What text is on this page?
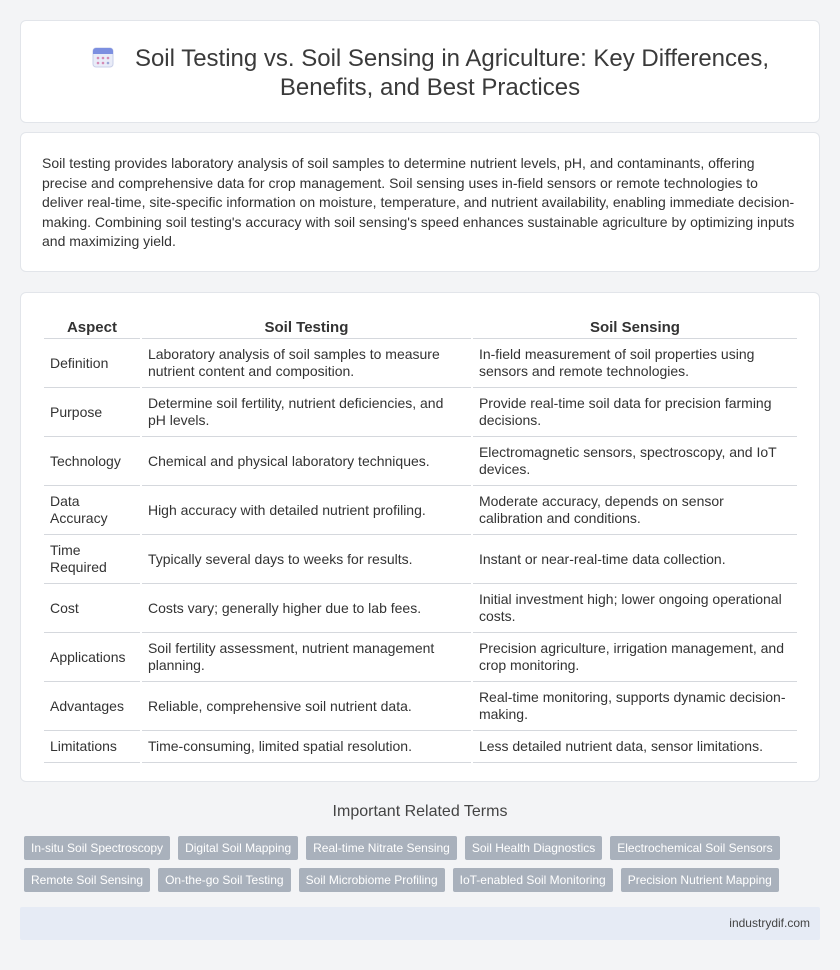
Soil Testing vs. Soil Sensing in Agriculture: Key Differences, Benefits, and Best Practices

Soil testing provides laboratory analysis of soil samples to determine nutrient levels, pH, and contaminants, offering precise and comprehensive data for crop management. Soil sensing uses in-field sensors or remote technologies to deliver real-time, site-specific information on moisture, temperature, and nutrient availability, enabling immediate decision-making. Combining soil testing's accuracy with soil sensing's speed enhances sustainable agriculture by optimizing inputs and maximizing yield.

Aspect	Soil Testing	Soil Sensing
Definition	Laboratory analysis of soil samples to measure nutrient content and composition.	In-field measurement of soil properties using sensors and remote technologies.
Purpose	Determine soil fertility, nutrient deficiencies, and pH levels.	Provide real-time soil data for precision farming decisions.
Technology	Chemical and physical laboratory techniques.	Electromagnetic sensors, spectroscopy, and IoT devices.
Data Accuracy	High accuracy with detailed nutrient profiling.	Moderate accuracy, depends on sensor calibration and conditions.
Time Required	Typically several days to weeks for results.	Instant or near-real-time data collection.
Cost	Costs vary; generally higher due to lab fees.	Initial investment high; lower ongoing operational costs.
Applications	Soil fertility assessment, nutrient management planning.	Precision agriculture, irrigation management, and crop monitoring.
Advantages	Reliable, comprehensive soil nutrient data.	Real-time monitoring, supports dynamic decision-making.
Limitations	Time-consuming, limited spatial resolution.	Less detailed nutrient data, sensor limitations.
Important Related Terms
In-situ Soil Spectroscopy	Digital Soil Mapping	Real-time Nitrate Sensing	Soil Health Diagnostics	Electrochemical Soil Sensors
Remote Soil Sensing	On-the-go Soil Testing	Soil Microbiome Profiling	IoT-enabled Soil Monitoring	Precision Nutrient Mapping
industrydif.com
